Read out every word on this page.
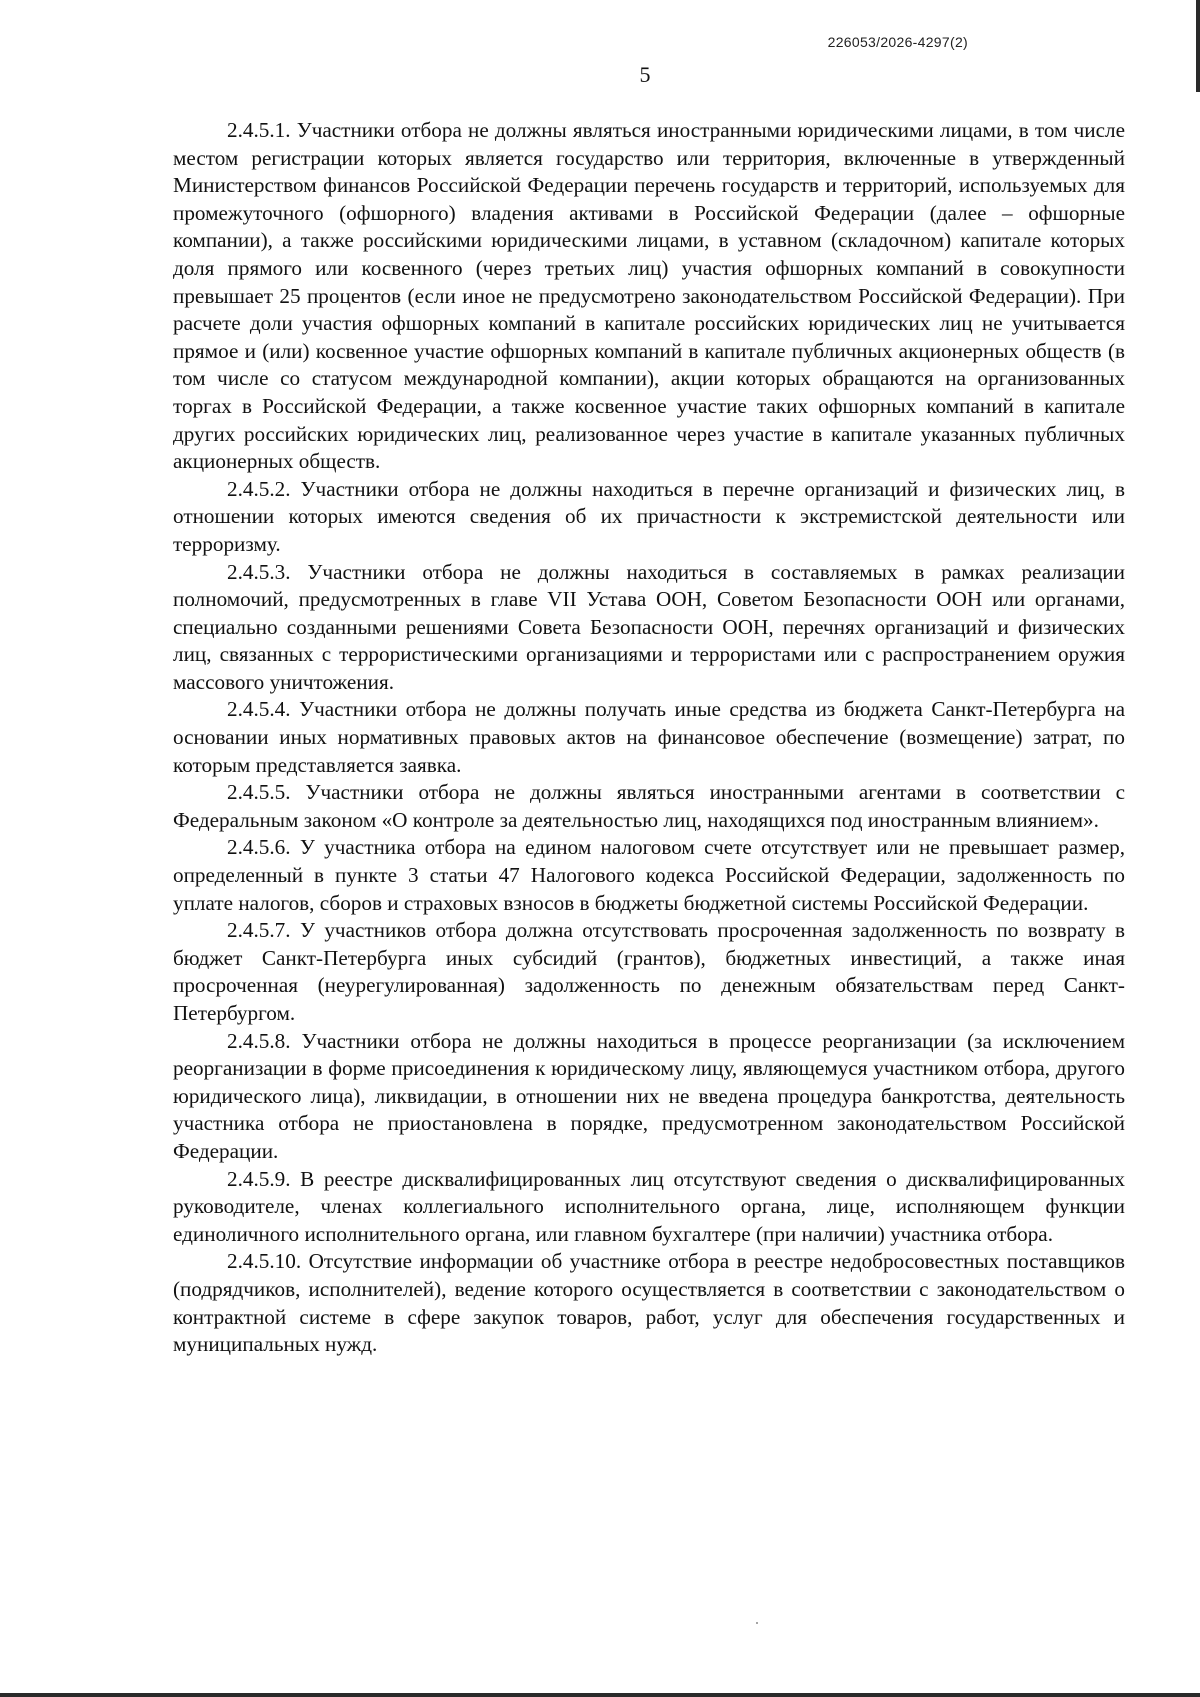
226053/2026-4297(2)
5

2.4.5.1. Участники отбора не должны являться иностранными юридическими лицами, в том числе местом регистрации которых является государство или территория, включенные в утвержденный Министерством финансов Российской Федерации перечень государств и территорий, используемых для промежуточного (офшорного) владения активами в Российской Федерации (далее – офшорные компании), а также российскими юридическими лицами, в уставном (складочном) капитале которых доля прямого или косвенного (через третьих лиц) участия офшорных компаний в совокупности превышает 25 процентов (если иное не предусмотрено законодательством Российской Федерации). При расчете доли участия офшорных компаний в капитале российских юридических лиц не учитывается прямое и (или) косвенное участие офшорных компаний в капитале публичных акционерных обществ (в том числе со статусом международной компании), акции которых обращаются на организованных торгах в Российской Федерации, а также косвенное участие таких офшорных компаний в капитале других российских юридических лиц, реализованное через участие в капитале указанных публичных акционерных обществ.

2.4.5.2. Участники отбора не должны находиться в перечне организаций и физических лиц, в отношении которых имеются сведения об их причастности к экстремистской деятельности или терроризму.

2.4.5.3. Участники отбора не должны находиться в составляемых в рамках реализации полномочий, предусмотренных в главе VII Устава ООН, Советом Безопасности ООН или органами, специально созданными решениями Совета Безопасности ООН, перечнях организаций и физических лиц, связанных с террористическими организациями и террористами или с распространением оружия массового уничтожения.

2.4.5.4. Участники отбора не должны получать иные средства из бюджета Санкт-Петербурга на основании иных нормативных правовых актов на финансовое обеспечение (возмещение) затрат, по которым представляется заявка.

2.4.5.5. Участники отбора не должны являться иностранными агентами в соответствии с Федеральным законом «О контроле за деятельностью лиц, находящихся под иностранным влиянием».

2.4.5.6. У участника отбора на едином налоговом счете отсутствует или не превышает размер, определенный в пункте 3 статьи 47 Налогового кодекса Российской Федерации, задолженность по уплате налогов, сборов и страховых взносов в бюджеты бюджетной системы Российской Федерации.

2.4.5.7. У участников отбора должна отсутствовать просроченная задолженность по возврату в бюджет Санкт-Петербурга иных субсидий (грантов), бюджетных инвестиций, а также иная просроченная (неурегулированная) задолженность по денежным обязательствам перед Санкт-Петербургом.

2.4.5.8. Участники отбора не должны находиться в процессе реорганизации (за исключением реорганизации в форме присоединения к юридическому лицу, являющемуся участником отбора, другого юридического лица), ликвидации, в отношении них не введена процедура банкротства, деятельность участника отбора не приостановлена в порядке, предусмотренном законодательством Российской Федерации.

2.4.5.9. В реестре дисквалифицированных лиц отсутствуют сведения о дисквалифицированных руководителе, членах коллегиального исполнительного органа, лице, исполняющем функции единоличного исполнительного органа, или главном бухгалтере (при наличии) участника отбора.

2.4.5.10. Отсутствие информации об участнике отбора в реестре недобросовестных поставщиков (подрядчиков, исполнителей), ведение которого осуществляется в соответствии с законодательством о контрактной системе в сфере закупок товаров, работ, услуг для обеспечения государственных и муниципальных нужд.
